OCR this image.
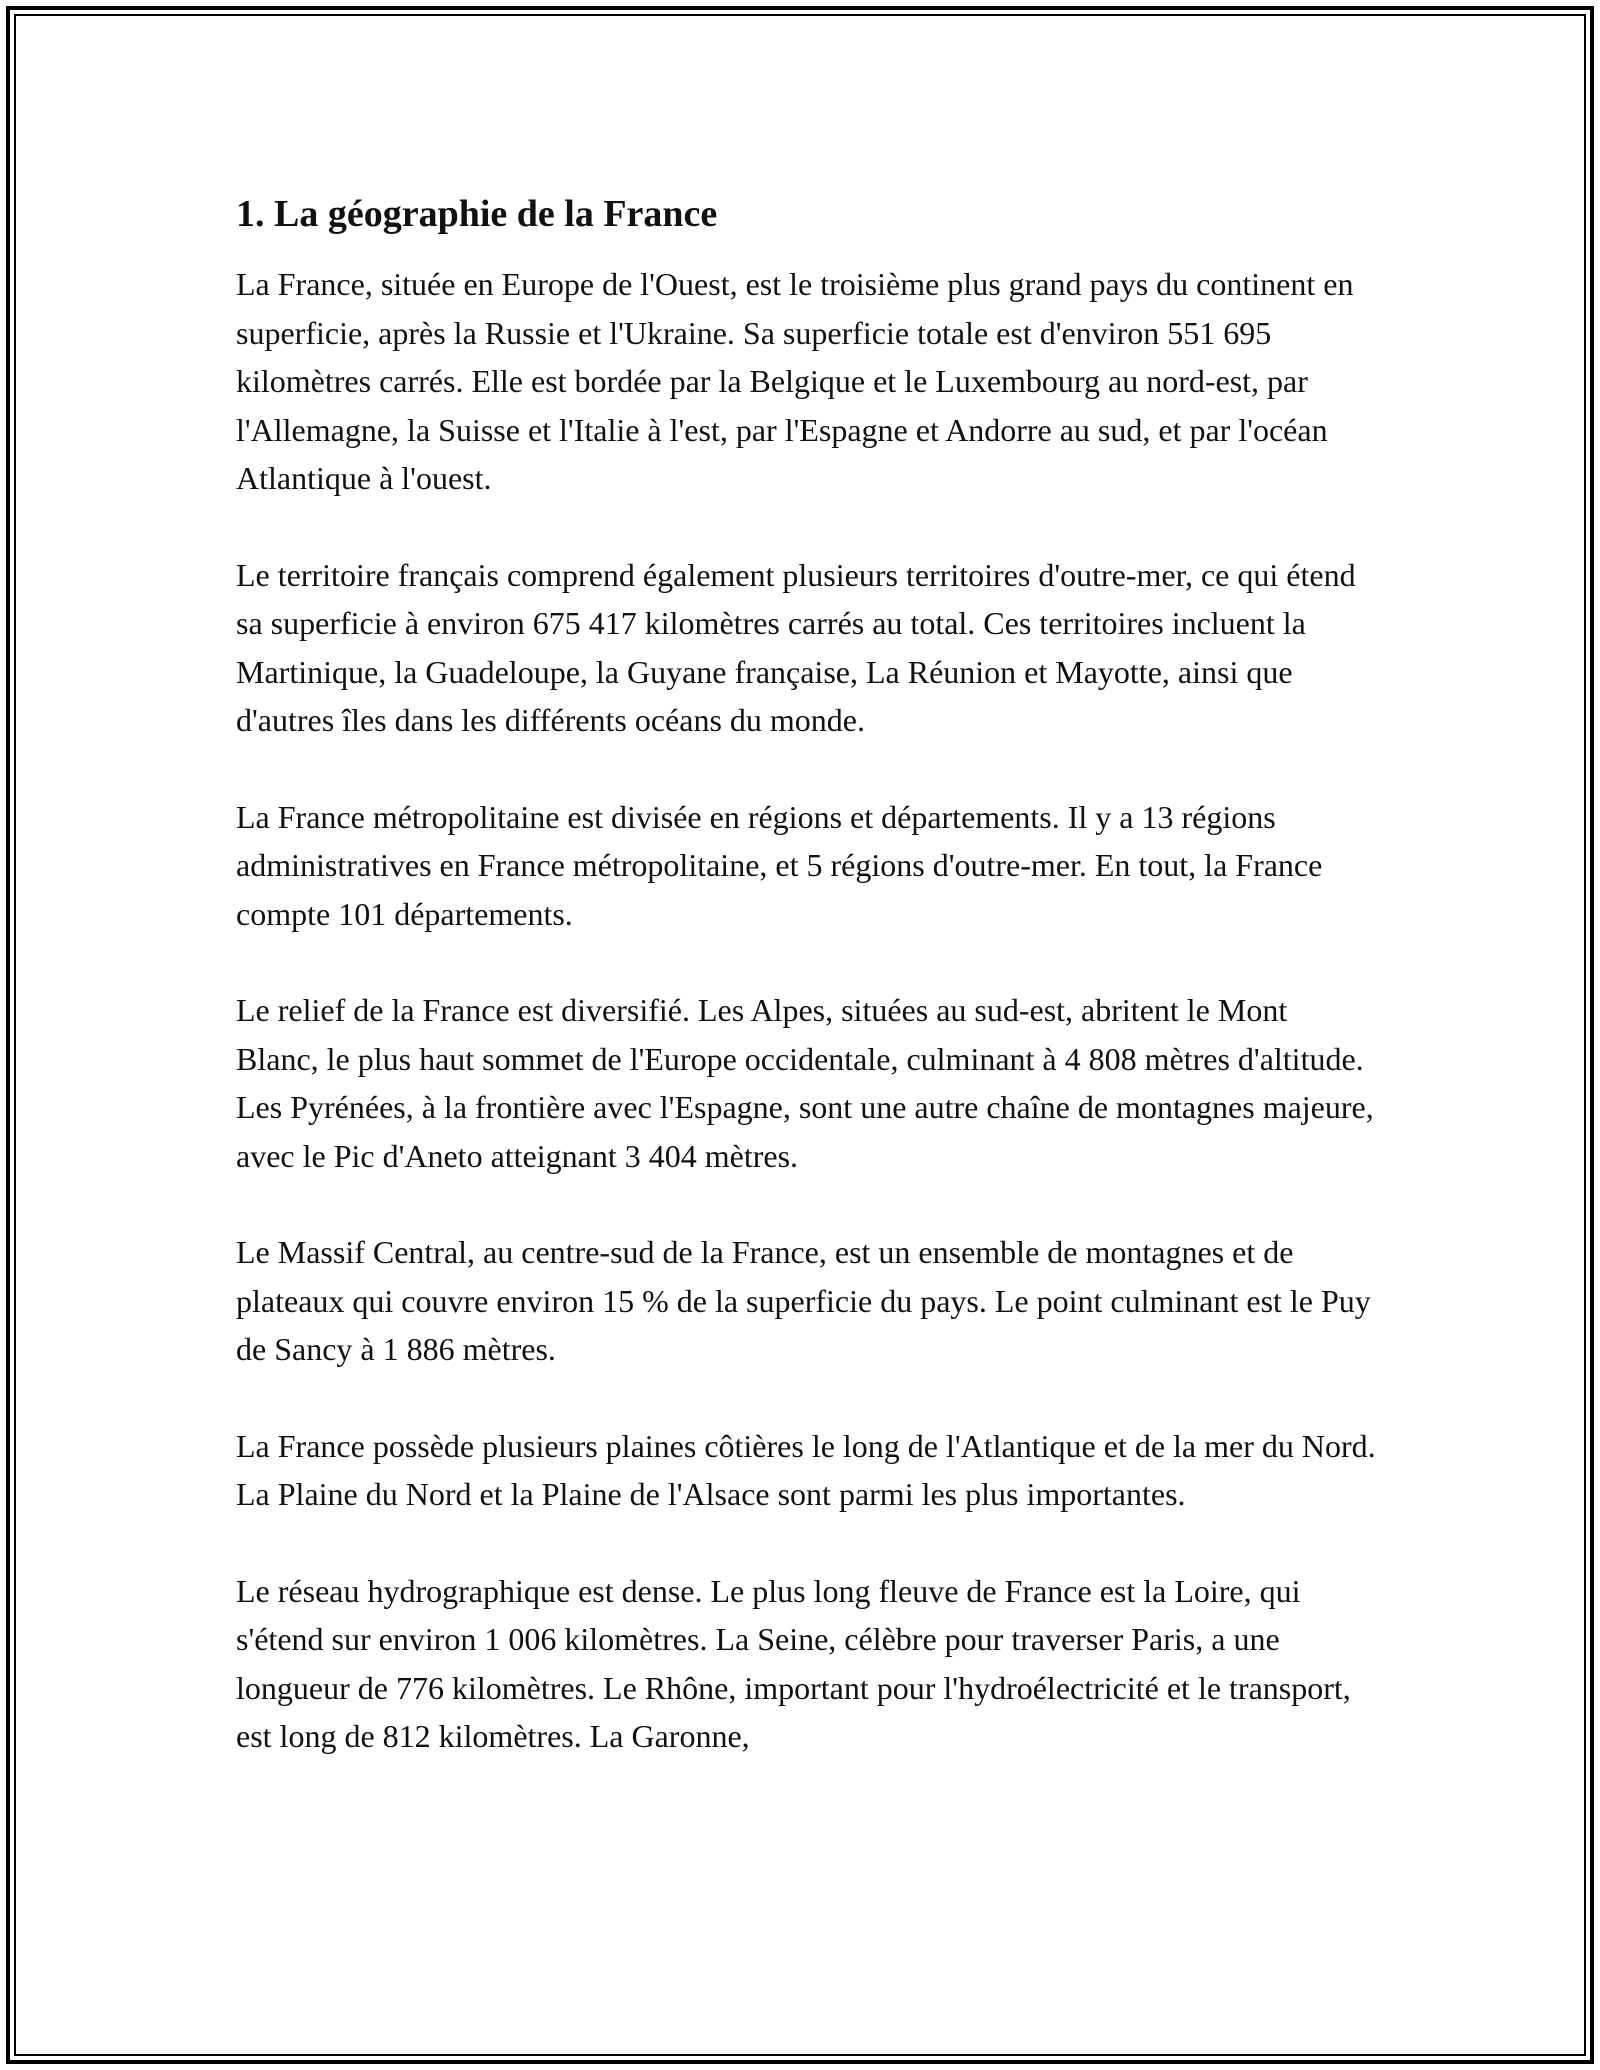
1. La géographie de la France

La France, située en Europe de l'Ouest, est le troisième plus grand pays du continent en superficie, après la Russie et l'Ukraine. Sa superficie totale est d'environ 551 695 kilomètres carrés. Elle est bordée par la Belgique et le Luxembourg au nord-est, par l'Allemagne, la Suisse et l'Italie à l'est, par l'Espagne et Andorre au sud, et par l'océan Atlantique à l'ouest.

Le territoire français comprend également plusieurs territoires d'outre-mer, ce qui étend sa superficie à environ 675 417 kilomètres carrés au total. Ces territoires incluent la Martinique, la Guadeloupe, la Guyane française, La Réunion et Mayotte, ainsi que d'autres îles dans les différents océans du monde.

La France métropolitaine est divisée en régions et départements. Il y a 13 régions administratives en France métropolitaine, et 5 régions d'outre-mer. En tout, la France compte 101 départements.

Le relief de la France est diversifié. Les Alpes, situées au sud-est, abritent le Mont Blanc, le plus haut sommet de l'Europe occidentale, culminant à 4 808 mètres d'altitude. Les Pyrénées, à la frontière avec l'Espagne, sont une autre chaîne de montagnes majeure, avec le Pic d'Aneto atteignant 3 404 mètres.

Le Massif Central, au centre-sud de la France, est un ensemble de montagnes et de plateaux qui couvre environ 15 % de la superficie du pays. Le point culminant est le Puy de Sancy à 1 886 mètres.

La France possède plusieurs plaines côtières le long de l'Atlantique et de la mer du Nord. La Plaine du Nord et la Plaine de l'Alsace sont parmi les plus importantes.

Le réseau hydrographique est dense. Le plus long fleuve de France est la Loire, qui s'étend sur environ 1 006 kilomètres. La Seine, célèbre pour traverser Paris, a une longueur de 776 kilomètres. Le Rhône, important pour l'hydroélectricité et le transport, est long de 812 kilomètres. La Garonne,
